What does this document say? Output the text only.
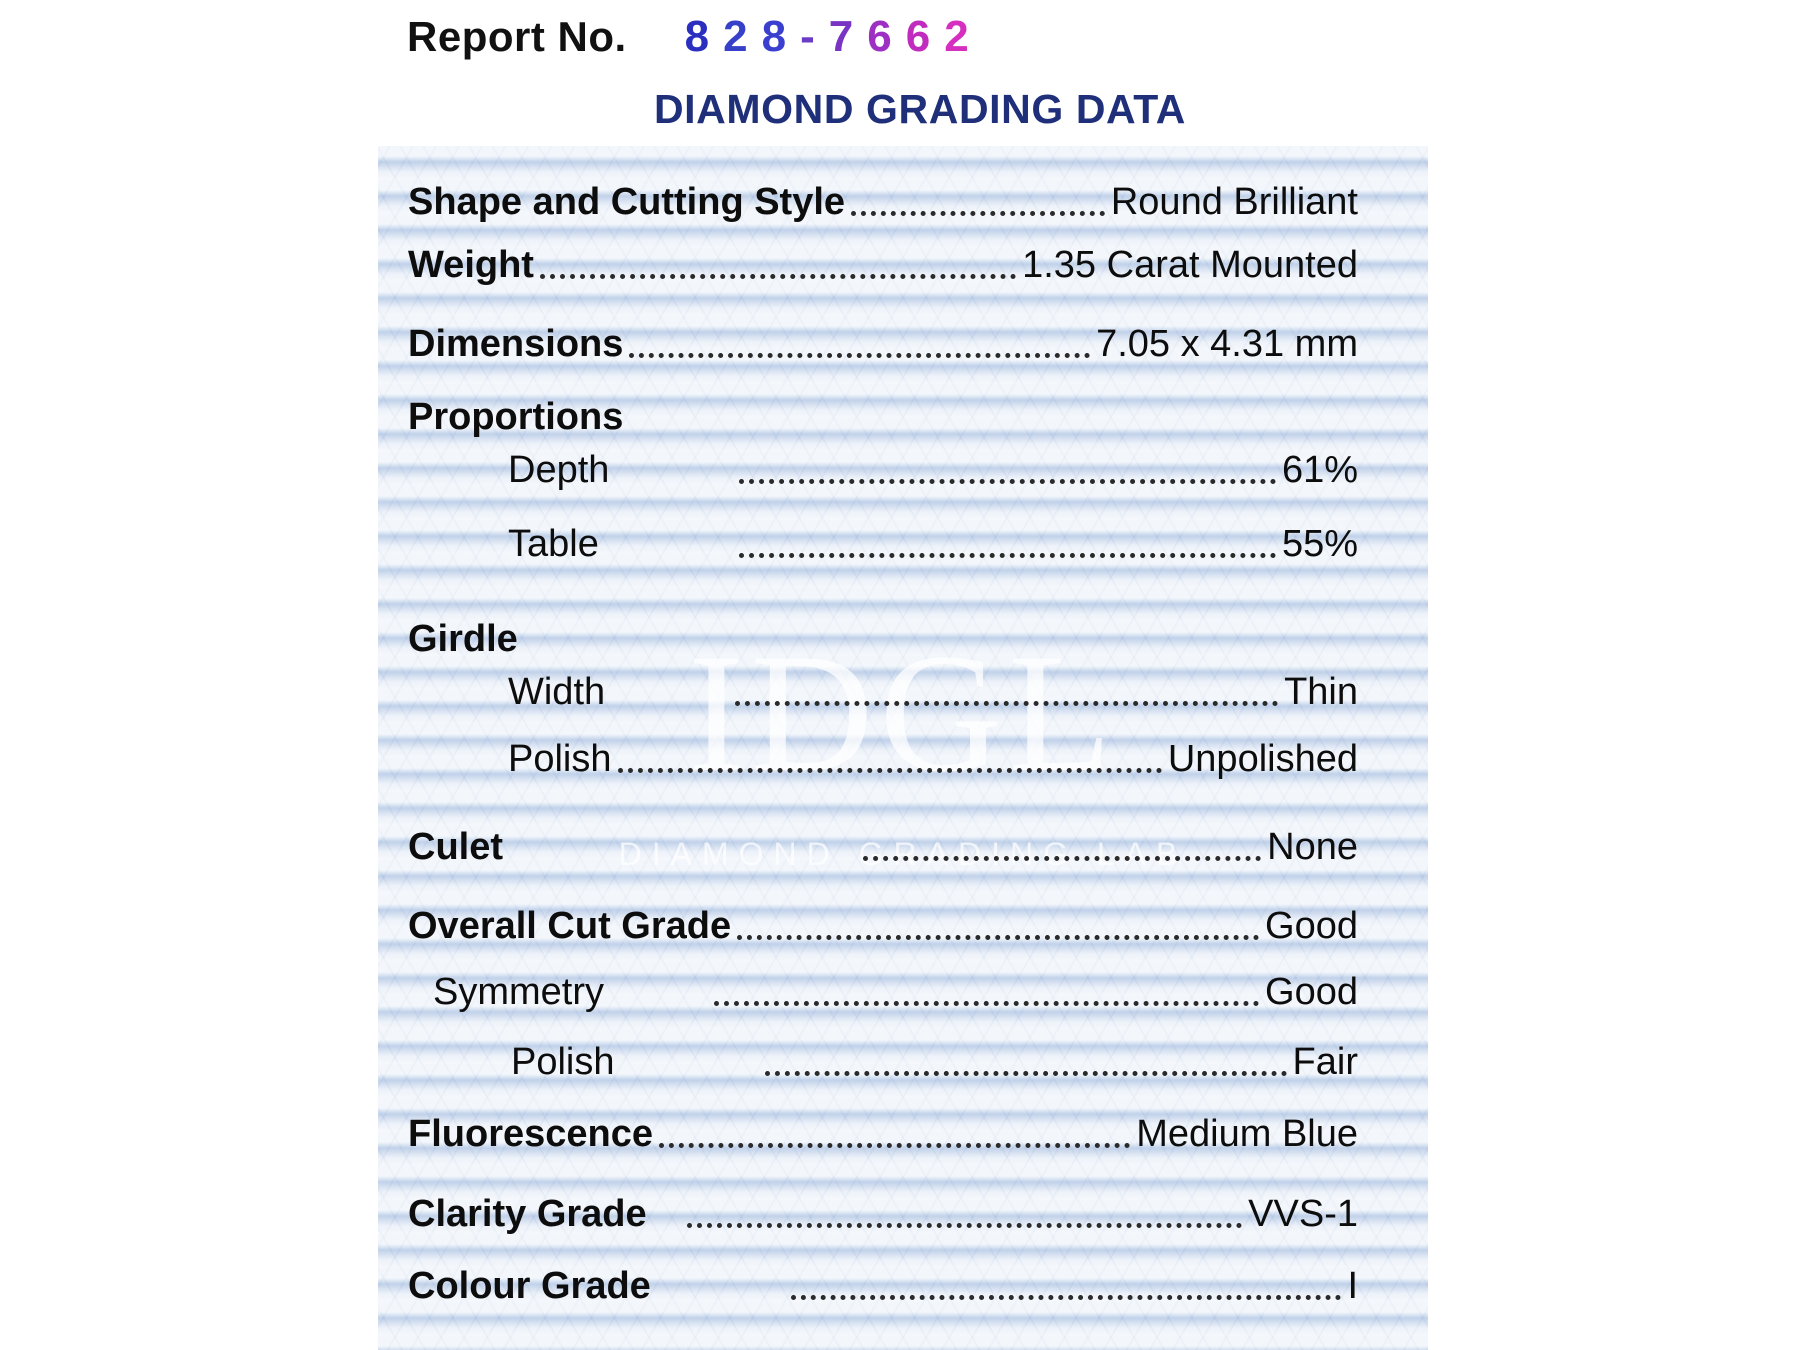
Report No. 8 2 8 - 7 6 6 2
DIAMOND GRADING DATA
IDGL
DIAMOND GRADING LAB
Shape and Cutting Style	Round Brilliant
Weight	1.35 Carat Mounted
Dimensions	7.05 x 4.31 mm
Proportions
Depth	61%
Table	55%
Girdle
Width	Thin
Polish	Unpolished
Culet	None
Overall Cut Grade	Good
Symmetry	Good
Polish	Fair
Fluorescence	Medium Blue
Clarity Grade	VVS-1
Colour Grade	I
